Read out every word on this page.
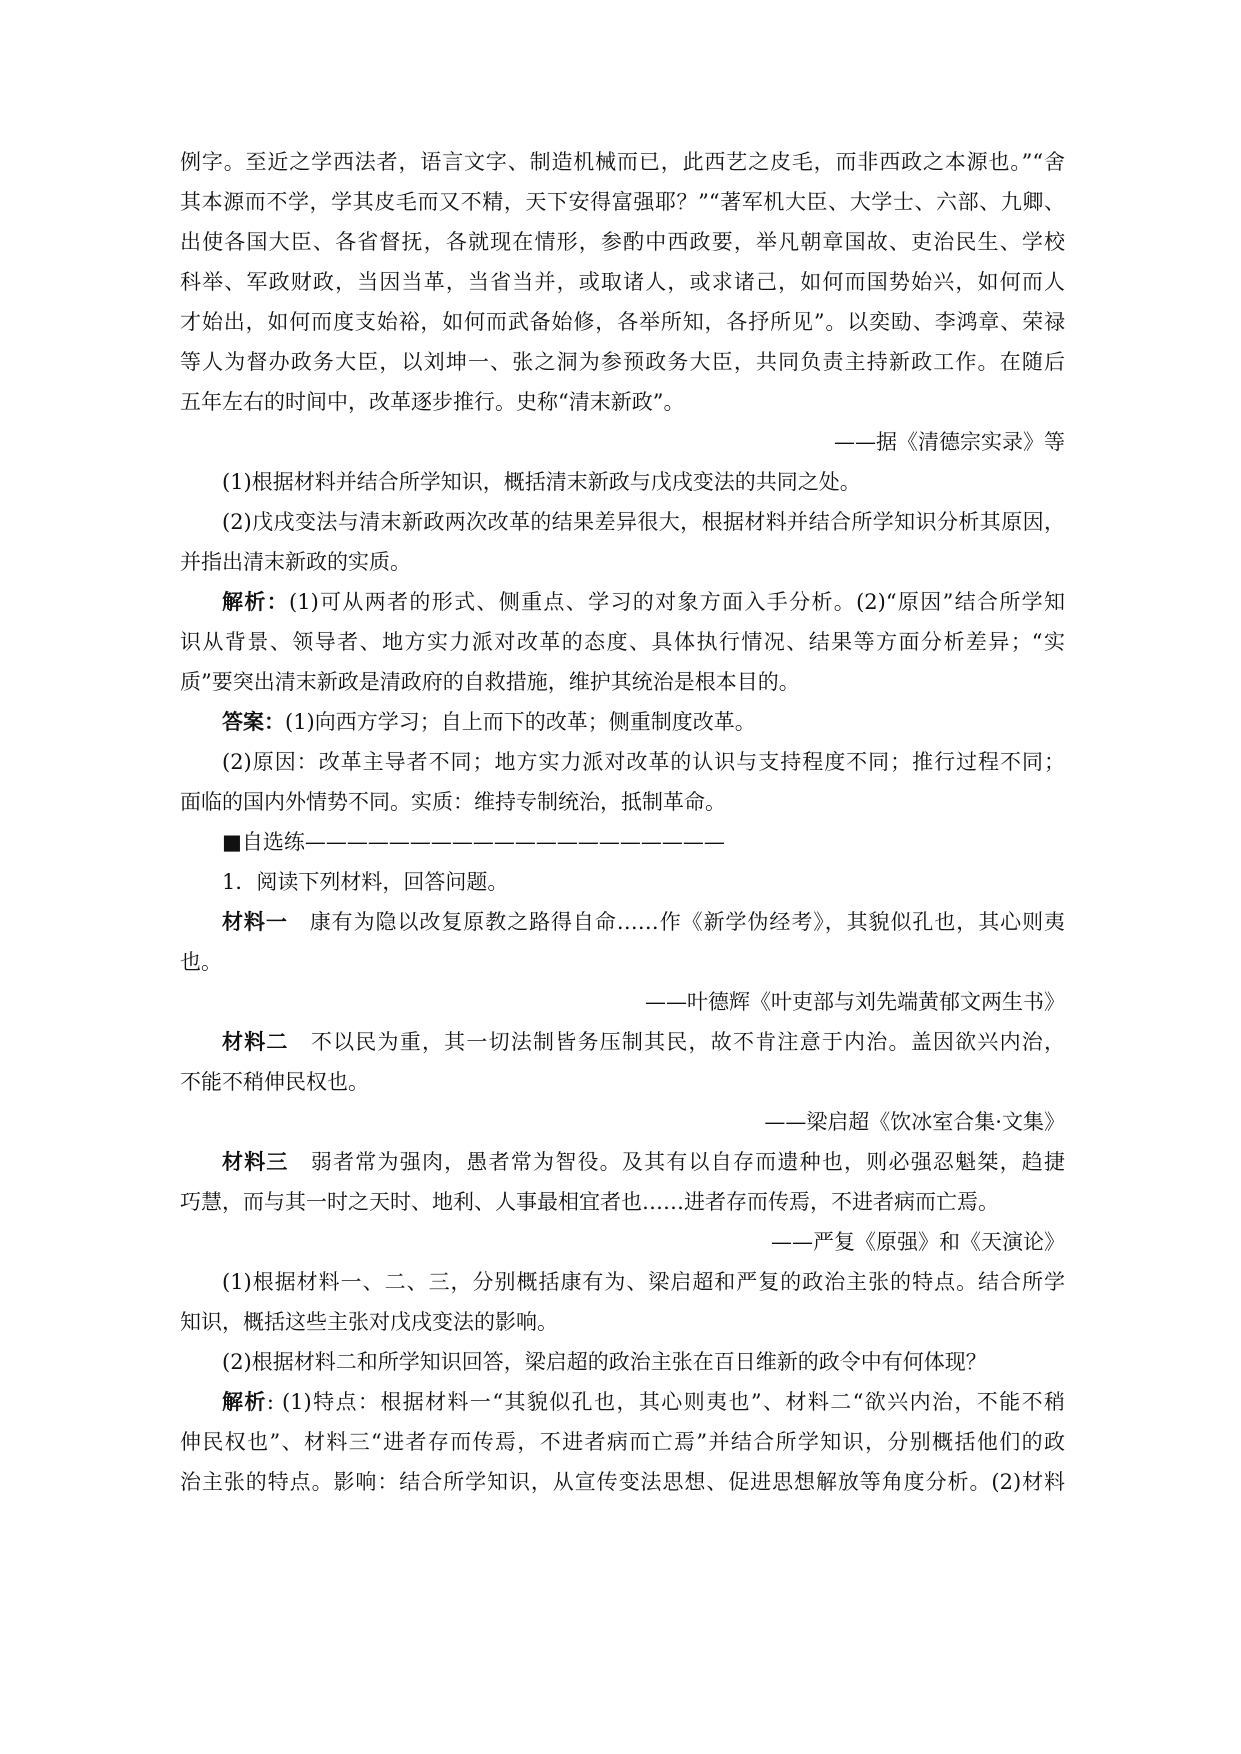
例字。至近之学西法者，语言文字、制造机械而已，此西艺之皮毛，而非西政之本源也。”“舍
其本源而不学，学其皮毛而又不精，天下安得富强耶？”“著军机大臣、大学士、六部、九卿、
出使各国大臣、各省督抚，各就现在情形，参酌中西政要，举凡朝章国故、吏治民生、学校
科举、军政财政，当因当革，当省当并，或取诸人，或求诸己，如何而国势始兴，如何而人
才始出，如何而度支始裕，如何而武备始修，各举所知，各抒所见”。以奕劻、李鸿章、荣禄
等人为督办政务大臣，以刘坤一、张之洞为参预政务大臣，共同负责主持新政工作。在随后
五年左右的时间中，改革逐步推行。史称“清末新政”。
——据《清德宗实录》等
(1)根据材料并结合所学知识，概括清末新政与戊戌变法的共同之处。
(2)戊戌变法与清末新政两次改革的结果差异很大，根据材料并结合所学知识分析其原因，
并指出清末新政的实质。
解析：(1)可从两者的形式、侧重点、学习的对象方面入手分析。(2)“原因”结合所学知
识从背景、领导者、地方实力派对改革的态度、具体执行情况、结果等方面分析差异；“实
质”要突出清末新政是清政府的自救措施，维护其统治是根本目的。
答案：(1)向西方学习；自上而下的改革；侧重制度改革。
(2)原因：改革主导者不同；地方实力派对改革的认识与支持程度不同；推行过程不同；
面临的国内外情势不同。实质：维持专制统治，抵制革命。
■自选练————————————————————
1．阅读下列材料，回答问题。
材料一　康有为隐以改复原教之路得自命……作《新学伪经考》，其貌似孔也，其心则夷
也。
——叶德辉《叶吏部与刘先端黄郁文两生书》
材料二　不以民为重，其一切法制皆务压制其民，故不肯注意于内治。盖因欲兴内治，
不能不稍伸民权也。
——梁启超《饮冰室合集·文集》
材料三　弱者常为强肉，愚者常为智役。及其有以自存而遗种也，则必强忍魁桀，趋捷
巧慧，而与其一时之天时、地利、人事最相宜者也……进者存而传焉，不进者病而亡焉。
——严复《原强》和《天演论》
(1)根据材料一、二、三，分别概括康有为、梁启超和严复的政治主张的特点。结合所学
知识，概括这些主张对戊戌变法的影响。
(2)根据材料二和所学知识回答，梁启超的政治主张在百日维新的政令中有何体现？
解析: (1)特点：根据材料一“其貌似孔也，其心则夷也”、材料二“欲兴内治，不能不稍
伸民权也”、材料三“进者存而传焉，不进者病而亡焉”并结合所学知识，分别概括他们的政
治主张的特点。影响：结合所学知识，从宣传变法思想、促进思想解放等角度分析。(2)材料
